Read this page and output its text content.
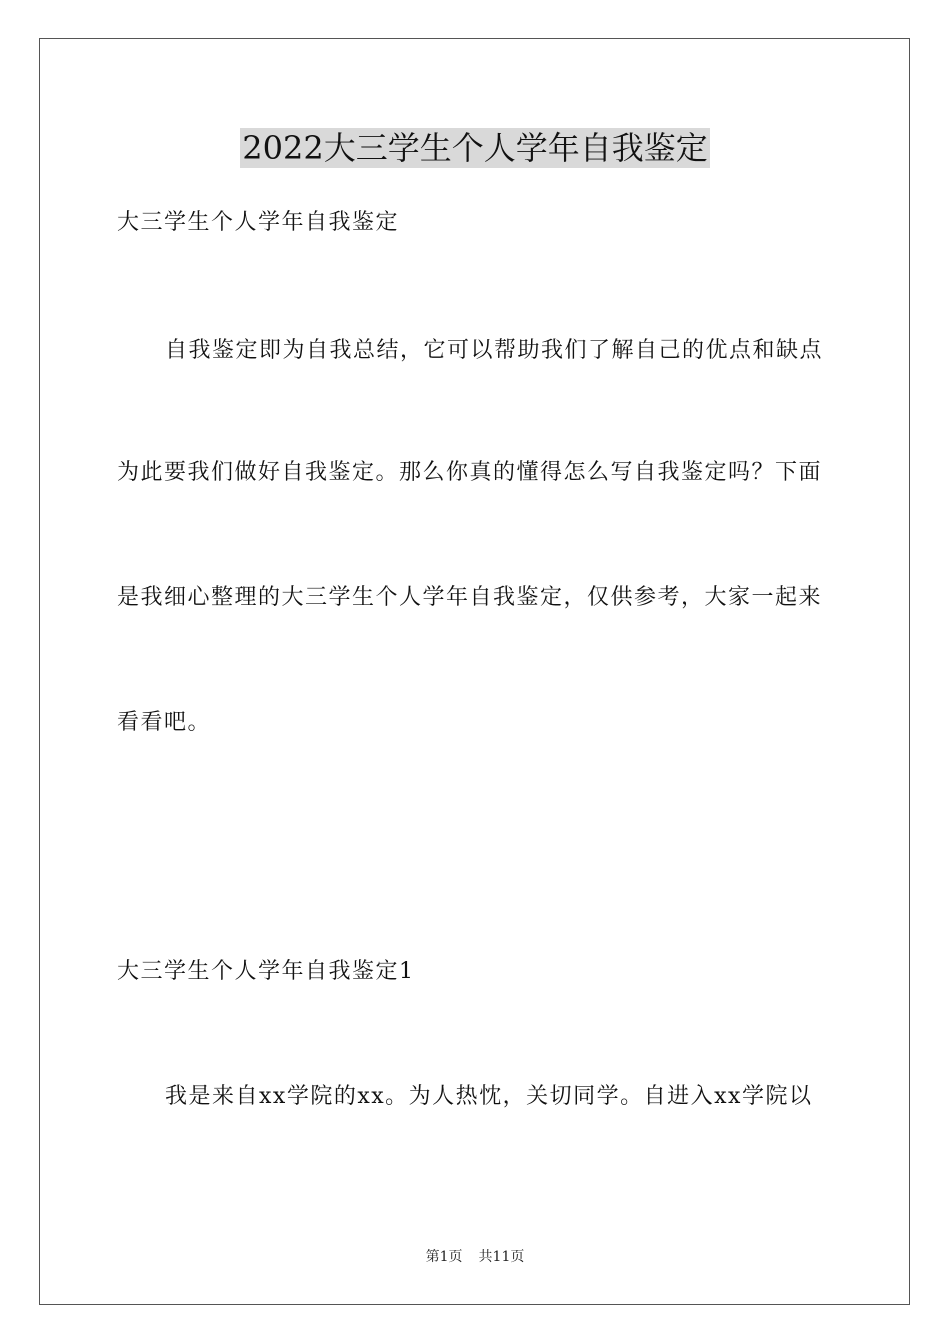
2022大三学生个人学年自我鉴定
大三学生个人学年自我鉴定
自我鉴定即为自我总结，它可以帮助我们了解自己的优点和缺点
为此要我们做好自我鉴定。那么你真的懂得怎么写自我鉴定吗？下面
是我细心整理的大三学生个人学年自我鉴定，仅供参考，大家一起来
看看吧。
大三学生个人学年自我鉴定1
我是来自xx学院的xx。为人热忱，关切同学。自进入xx学院以
第1页 共11页
